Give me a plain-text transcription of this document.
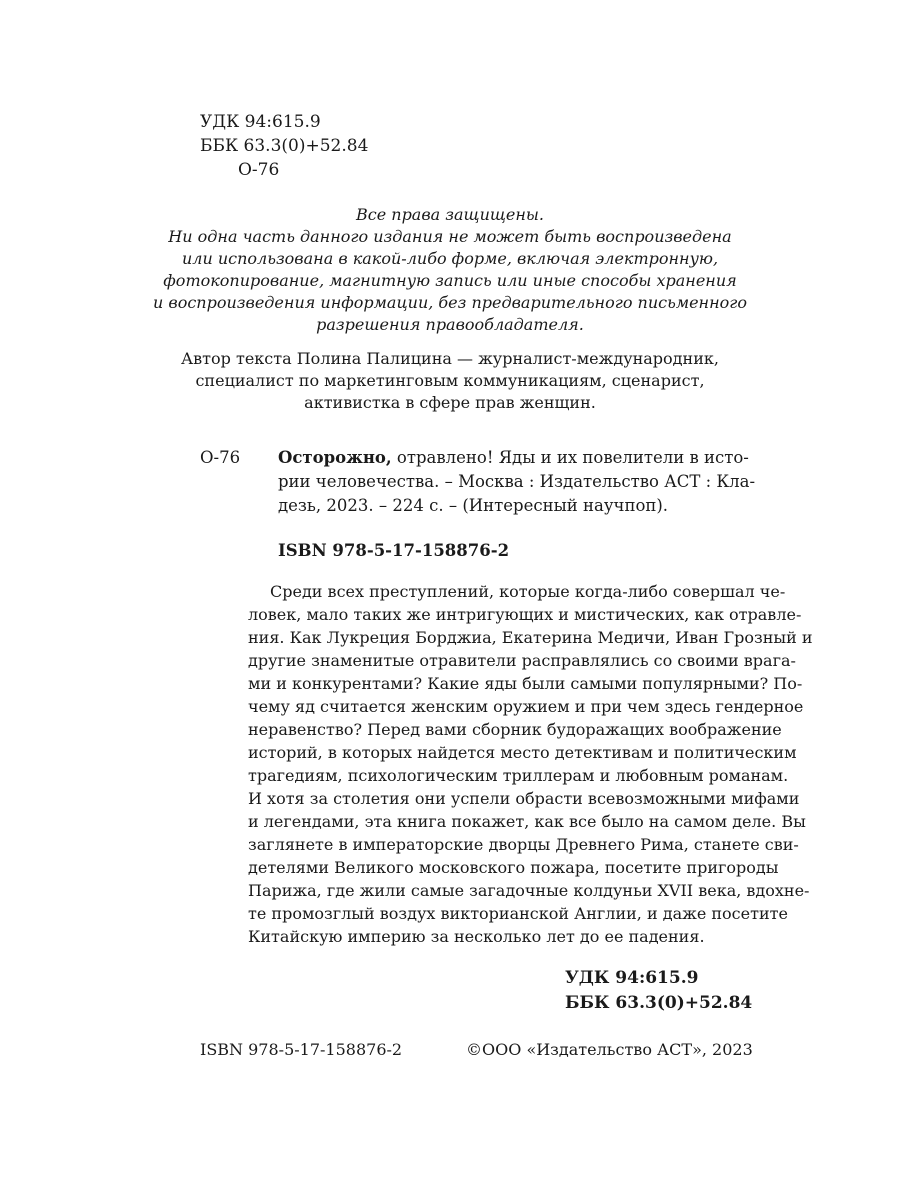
УДК 94:615.9
ББК 63.3(0)+52.84
О-76
Все права защищены.
Ни одна часть данного издания не может быть воспроизведена
или использована в какой-либо форме, включая электронную,
фотокопирование, магнитную запись или иные способы хранения
и воспроизведения информации, без предварительного письменного
разрешения правообладателя.
Автор текста Полина Палицина — журналист-международник,
специалист по маркетинговым коммуникациям, сценарист,
активистка в сфере прав женщин.
О-76 Осторожно, отравлено! Яды и их повелители в исто-
рии человечества. – Москва : Издательство АСТ : Кла-
дезь, 2023. – 224 с. – (Интересный научпоп).
ISBN 978-5-17-158876-2
Среди всех преступлений, которые когда-либо совершал че-
ловек, мало таких же интригующих и мистических, как отравле-
ния. Как Лукреция Борджиа, Екатерина Медичи, Иван Грозный и
другие знаменитые отравители расправлялись со своими врага-
ми и конкурентами? Какие яды были самыми популярными? По-
чему яд считается женским оружием и при чем здесь гендерное
неравенство? Перед вами сборник будоражащих воображение
историй, в которых найдется место детективам и политическим
трагедиям, психологическим триллерам и любовным романам.
И хотя за столетия они успели обрасти всевозможными мифами
и легендами, эта книга покажет, как все было на самом деле. Вы
заглянете в императорские дворцы Древнего Рима, станете сви-
детелями Великого московского пожара, посетите пригороды
Парижа, где жили самые загадочные колдуньи XVII века, вдохне-
те промозглый воздух викторианской Англии, и даже посетите
Китайскую империю за несколько лет до ее падения.
УДК 94:615.9
ББК 63.3(0)+52.84
ISBN 978-5-17-158876-2	©ООО «Издательство АСТ», 2023
